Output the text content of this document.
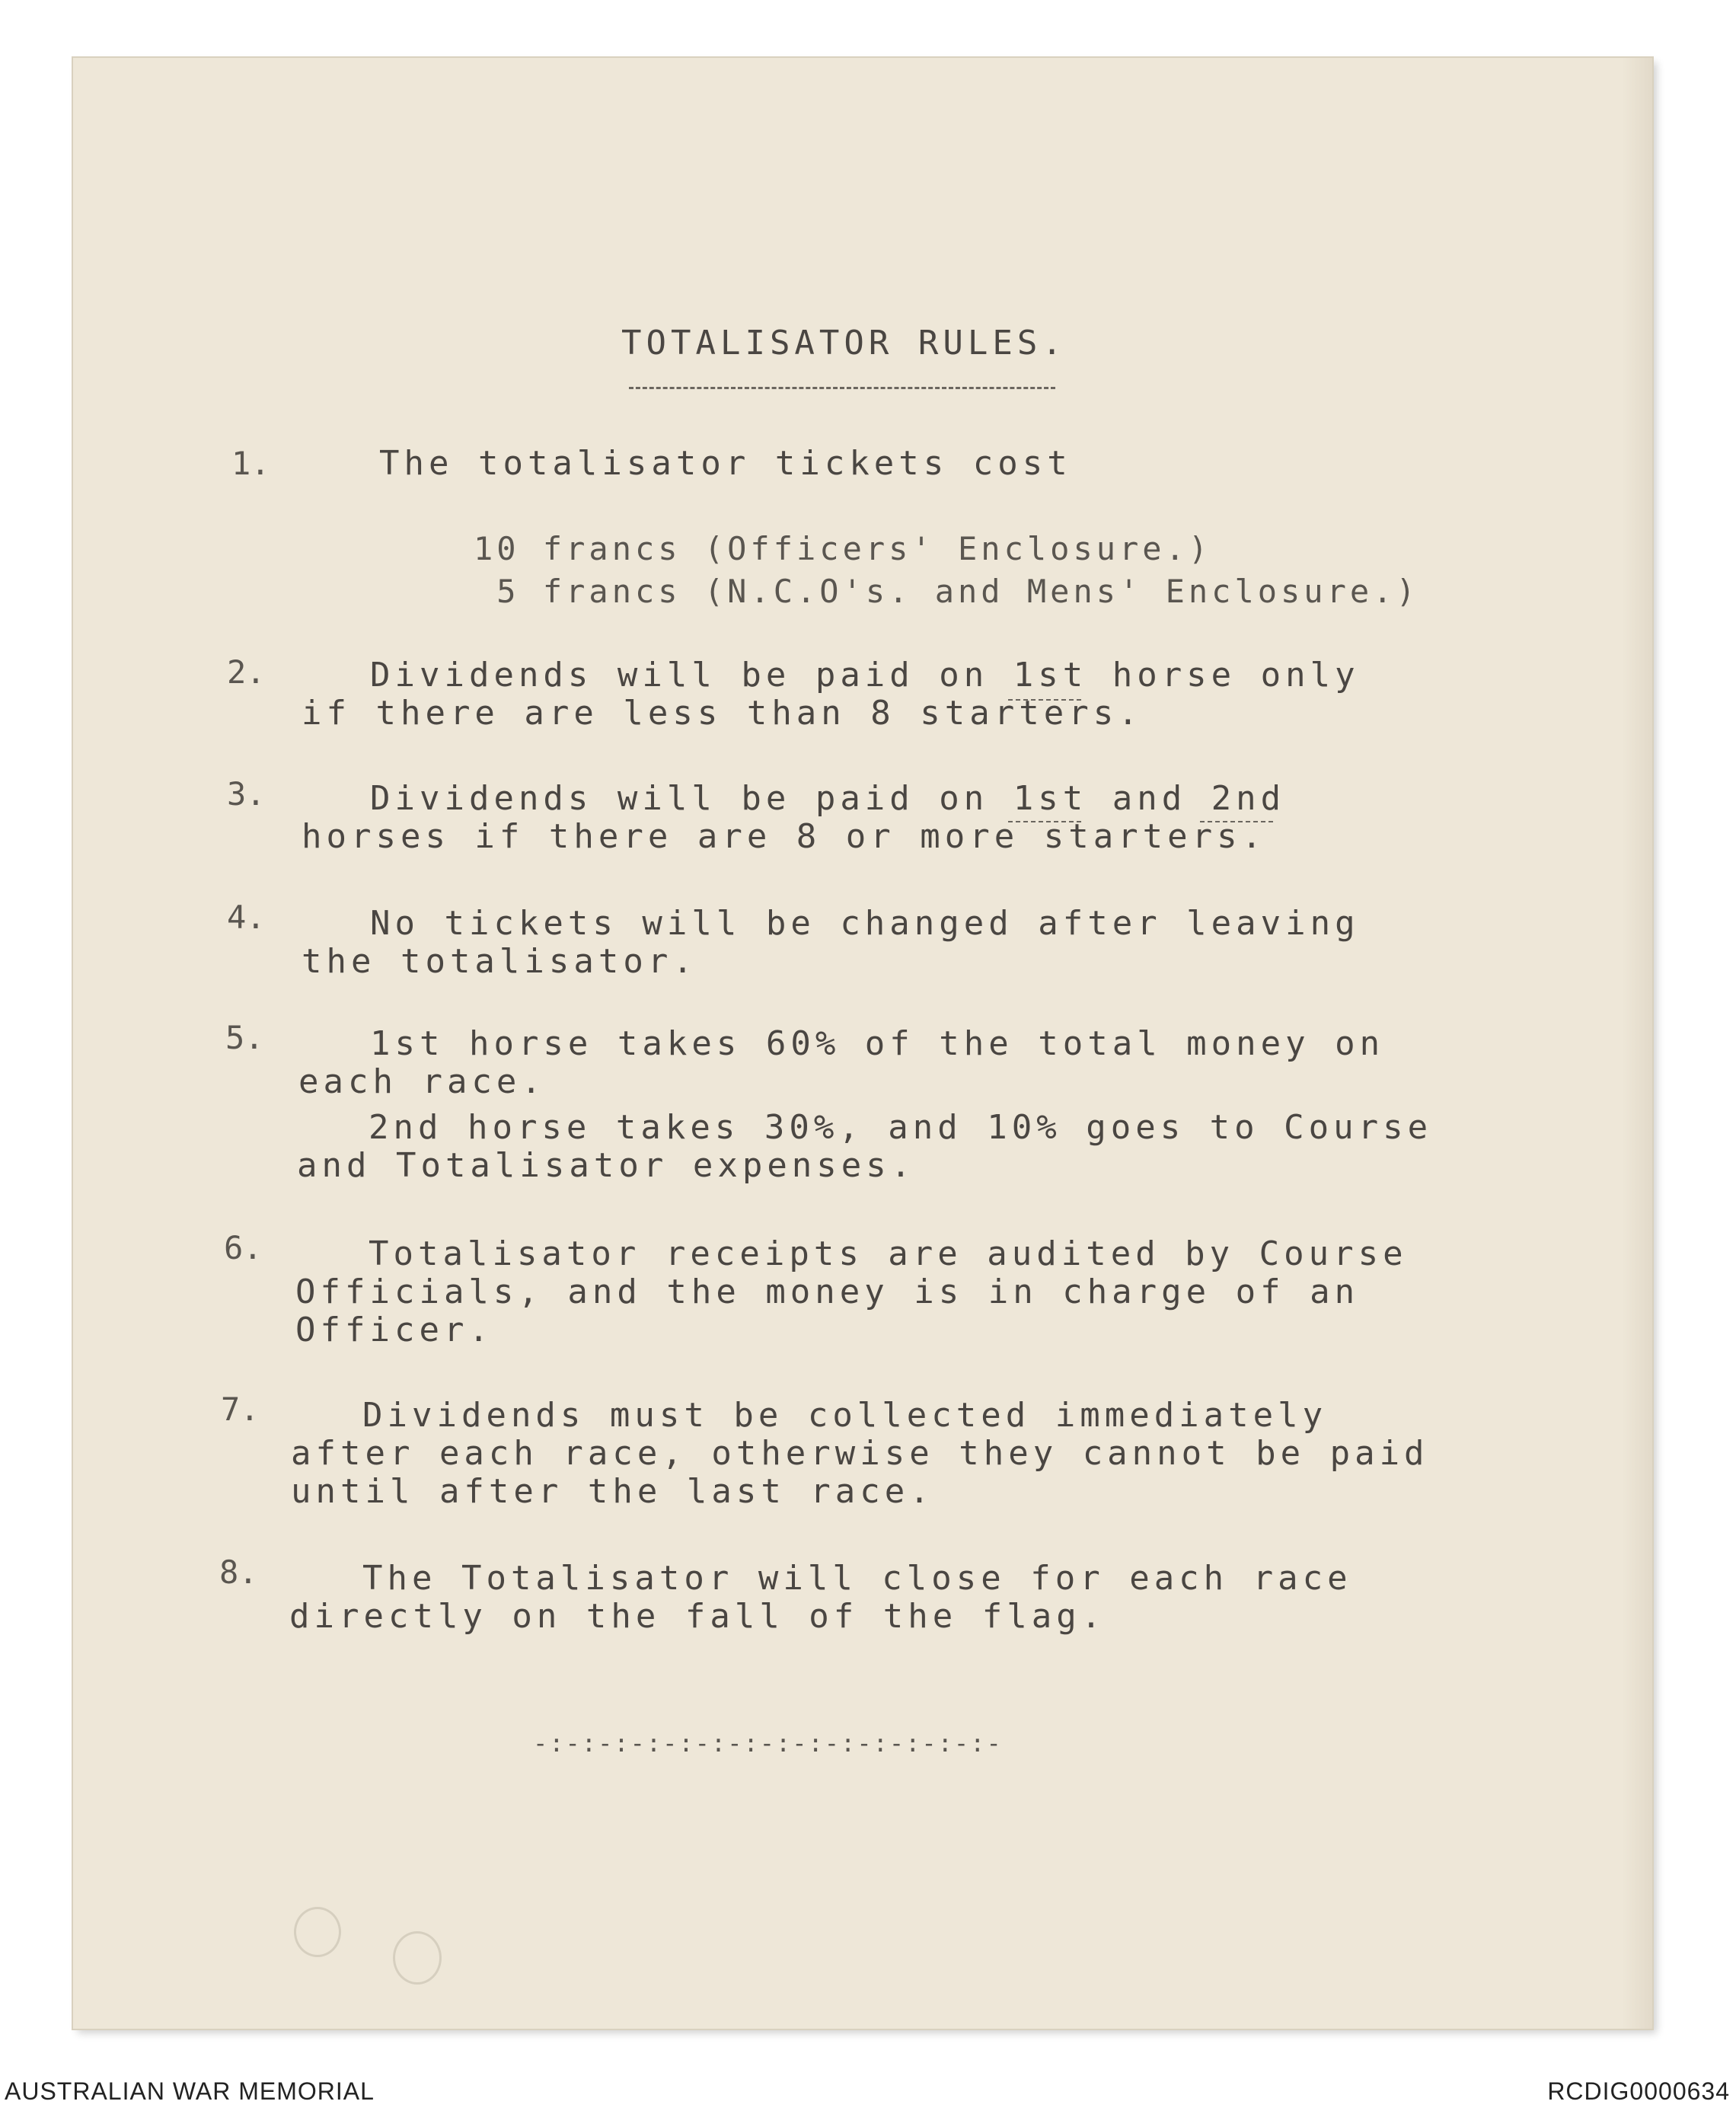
TOTALISATOR RULES.
1.	The totalisator tickets cost
10 francs (Officers' Enclosure.)
5 francs (N.C.O's. and Mens' Enclosure.)
2.	Dividends will be paid on 1st horse only
if there are less than 8 starters.
3.	Dividends will be paid on 1st and 2nd
horses if there are 8 or more starters.
4.	No tickets will be changed after leaving
the totalisator.
5.	1st horse takes 60% of the total money on
each race.
2nd horse takes 30%, and 10% goes to Course
and Totalisator expenses.
6.	Totalisator receipts are audited by Course
Officials, and the money is in charge of an
Officer.
7.	Dividends must be collected immediately
after each race, otherwise they cannot be paid
until after the last race.
8.	The Totalisator will close for each race
directly on the fall of the flag.
-:-:-:-:-:-:-:-:-:-:-:-:-:-:-
AUSTRALIAN WAR MEMORIAL	RCDIG0000634
